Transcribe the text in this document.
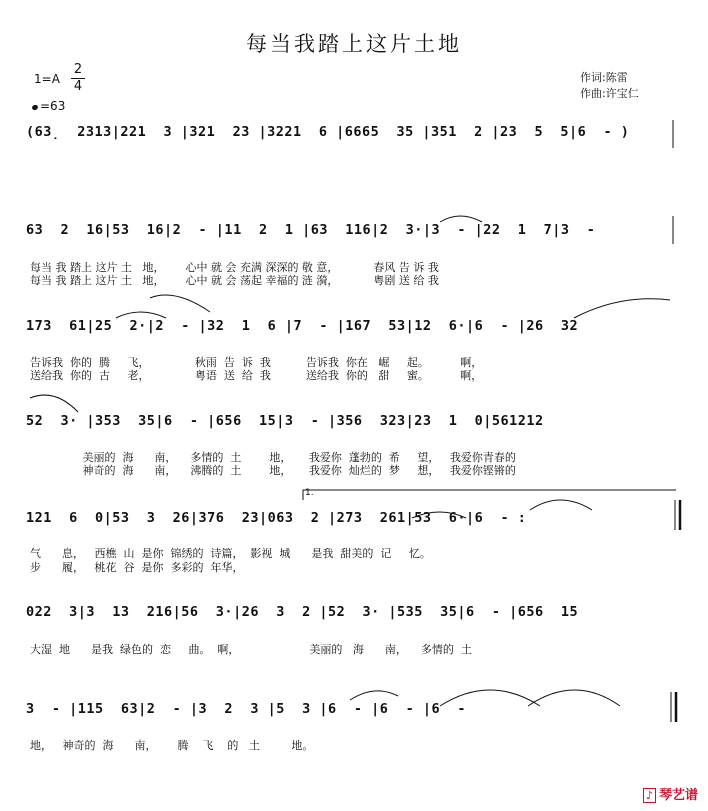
每当我踏上这片土地
$1=A \frac{2}{4}$
=63
作词:陈雷
作曲:许宝仁
(63̣  2313|221  3 |321  23 |3221  6 |6665  35 |351  2 |23  5  5|6  - )
63  2  16|53  16|2  - |11  2  1 |63  116|2  3·|3  - |22  1  7|3  -
每当 我 踏上 这片 土   地，      心中 就 会 充满 深深的 敬 意，          春风 告 诉 我
每当 我 踏上 这片 土   地，      心中 就 会 荡起 幸福的 涟 漪，          粤剧 送 给 我
173  61|25  2·|2  - |32  1  6 |7  - |167  53|12  6·|6  - |26  32
告诉我  你的  腾     飞，             秋雨  告  诉  我          告诉我  你在   崛     起。         啊，
送给我  你的  古     老，             粤语  送  给  我          送给我  你的   甜     蜜。         啊，
52  3· |353  35|6  - |656  15|3  - |356  323|23  1  0|561212
美丽的  海      南，    多情的  土        地，     我爱你  蓬勃的  希     望，   我爱你青春的
神奇的  海      南，    沸腾的  土        地，     我爱你  灿烂的  梦     想，   我爱你铿锵的
121  6  0|53  3  26|376  23|063  2 |273  261|53  6·|6  - :
气      息，   西樵  山  是你  锦绣的  诗篇，  影视  城      是我  甜美的  记     忆。
步      履，   桃花  谷  是你  多彩的  年华，
1.
022  3|3  13  216|56  3·|26  3  2 |52  3· |535  35|6  - |656  15
大湿  地      是我  绿色的  恋     曲。  啊，                    美丽的   海      南，    多情的  土
3  - |115  63|2  - |3  2  3 |5  3 |6  - |6  - |6  -
地，   神奇的  海      南，      腾    飞    的   土         地。
♪ 琴艺谱
